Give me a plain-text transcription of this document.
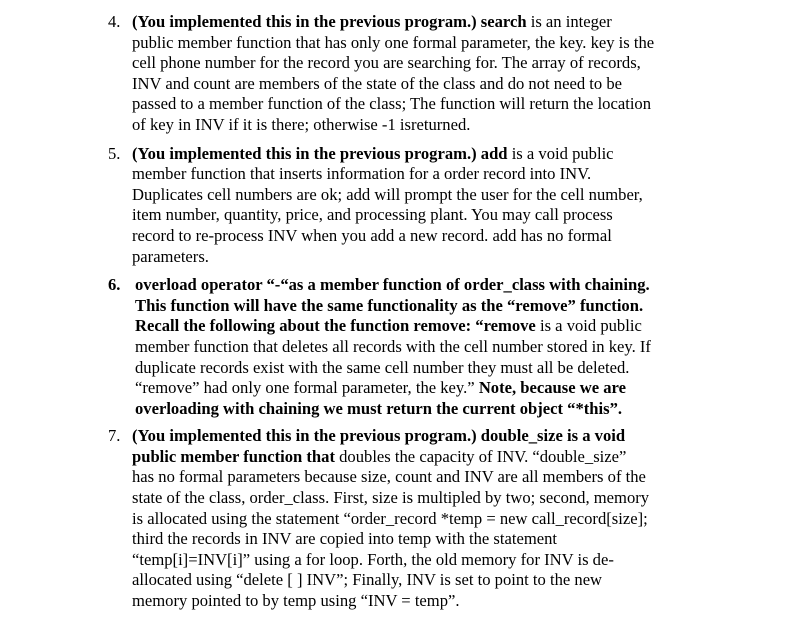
4. (You implemented this in the previous program.) search is an integer
public member function that has only one formal parameter, the key. key is the
cell phone number for the record you are searching for. The array of records,
INV and count are members of the state of the class and do not need to be
passed to a member function of the class; The function will return the location
of key in INV if it is there; otherwise -1 isreturned.
5. (You implemented this in the previous program.) add is a void public
member function that inserts information for a order record into INV.
Duplicates cell numbers are ok; add will prompt the user for the cell number,
item number, quantity, price, and processing plant. You may call process
record to re-process INV when you add a new record. add has no formal
parameters.
6. overload operator “-“as a member function of order_class with chaining.
This function will have the same functionality as the “remove” function.
Recall the following about the function remove: “remove is a void public
member function that deletes all records with the cell number stored in key. If
duplicate records exist with the same cell number they must all be deleted.
“remove” had only one formal parameter, the key.” Note, because we are
overloading with chaining we must return the current object “*this”.
7. (You implemented this in the previous program.) double_size is a void
public member function that doubles the capacity of INV. “double_size”
has no formal parameters because size, count and INV are all members of the
state of the class, order_class. First, size is multipled by two; second, memory
is allocated using the statement “order_record *temp = new call_record[size];
third the records in INV are copied into temp with the statement
“temp[i]=INV[i]” using a for loop. Forth, the old memory for INV is de-
allocated using “delete [ ] INV”; Finally, INV is set to point to the new
memory pointed to by temp using “INV = temp”.
